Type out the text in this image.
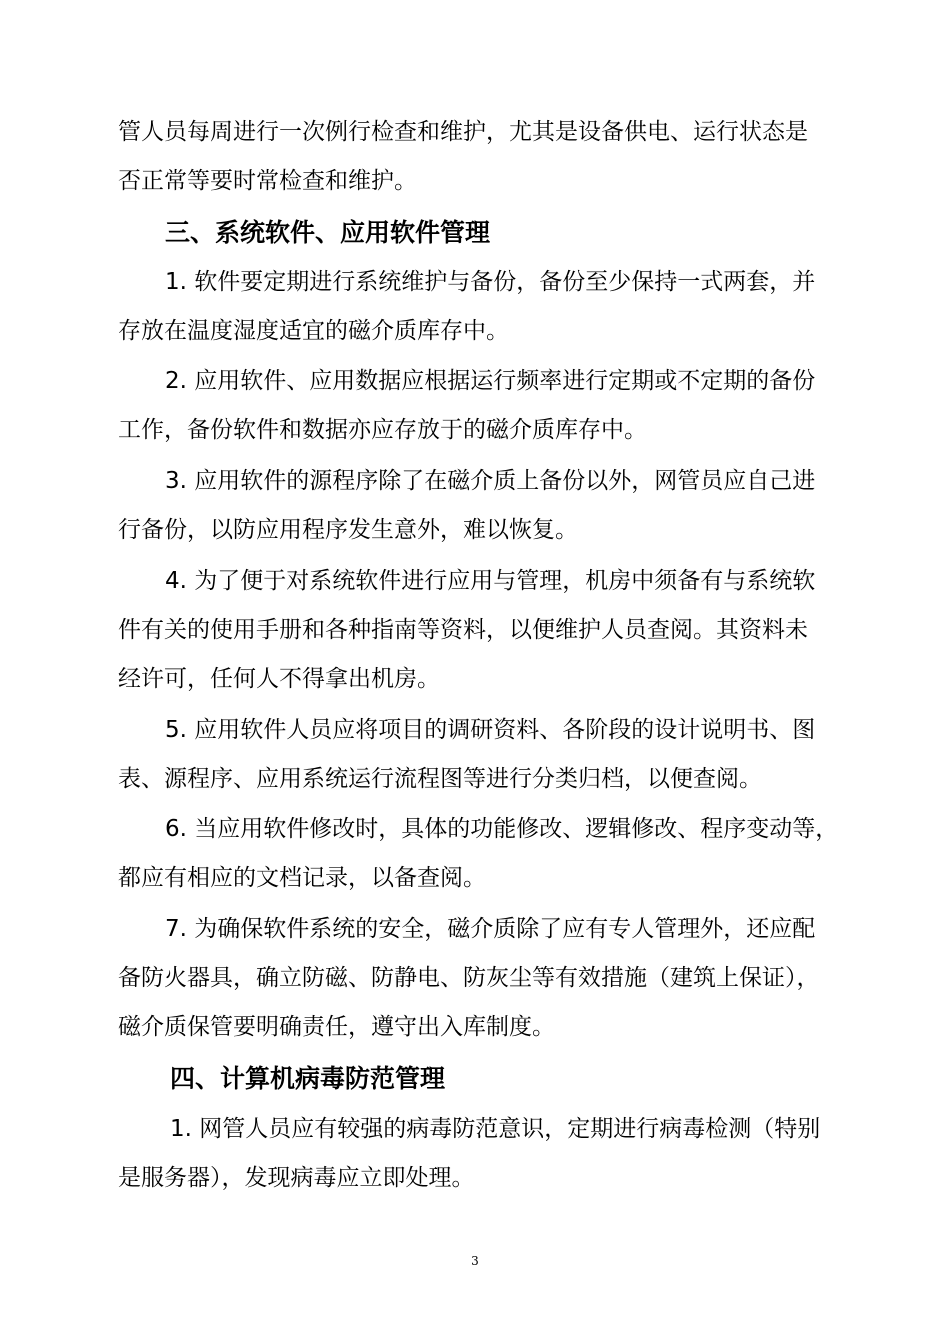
管人员每周进行一次例行检查和维护，尤其是设备供电、运行状态是
否正常等要时常检查和维护。

三、系统软件、应用软件管理

1. 软件要定期进行系统维护与备份，备份至少保持一式两套，并
存放在温度湿度适宜的磁介质库存中。

2. 应用软件、应用数据应根据运行频率进行定期或不定期的备份
工作，备份软件和数据亦应存放于的磁介质库存中。

3. 应用软件的源程序除了在磁介质上备份以外，网管员应自己进
行备份，以防应用程序发生意外，难以恢复。

4. 为了便于对系统软件进行应用与管理，机房中须备有与系统软
件有关的使用手册和各种指南等资料，以便维护人员查阅。其资料未
经许可，任何人不得拿出机房。

5. 应用软件人员应将项目的调研资料、各阶段的设计说明书、图
表、源程序、应用系统运行流程图等进行分类归档，以便查阅。

6. 当应用软件修改时，具体的功能修改、逻辑修改、程序变动等，
都应有相应的文档记录，以备查阅。

7. 为确保软件系统的安全，磁介质除了应有专人管理外，还应配
备防火器具，确立防磁、防静电、防灰尘等有效措施（建筑上保证），
磁介质保管要明确责任，遵守出入库制度。

四、计算机病毒防范管理

1. 网管人员应有较强的病毒防范意识，定期进行病毒检测（特别
是服务器），发现病毒应立即处理。

3
